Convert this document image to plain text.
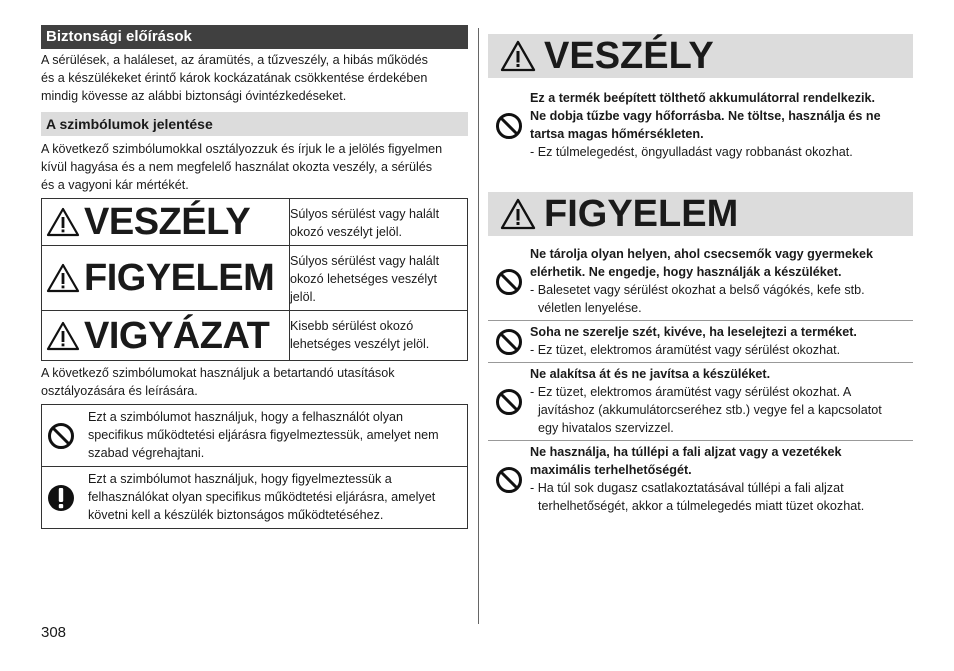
Biztonsági előírások
A sérülések, a haláleset, az áramütés, a tűzveszély, a hibás működés
és a készülékeket érintő károk kockázatának csökkentése érdekében
mindig kövesse az alábbi biztonsági óvintézkedéseket.
A szimbólumok jelentése
A következő szimbólumokkal osztályozzuk és írjuk le a jelölés figyelmen
kívül hagyása és a nem megfelelő használat okozta veszély, a sérülés
és a vagyoni kár mértékét.
VESZÉLY	Súlyos sérülést vagy halált
okozó veszélyt jelöl.
FIGYELEM Súlyos sérülést vagy halált
okozó lehetséges veszélyt
jelöl.
VIGYÁZAT Kisebb sérülést okozó
lehetséges veszélyt jelöl.
A következő szimbólumokat használjuk a betartandó utasítások
osztályozására és leírására.
Ezt a szimbólumot használjuk, hogy a felhasználót olyan
specifikus működtetési eljárásra figyelmeztessük, amelyet nem
szabad végrehajtani.
Ezt a szimbólumot használjuk, hogy figyelmeztessük a
felhasználókat olyan specifikus működtetési eljárásra, amelyet
követni kell a készülék biztonságos működtetéséhez.
VESZÉLY
Ez a termék beépített tölthető akkumulátorral rendelkezik.
Ne dobja tűzbe vagy hőforrásba. Ne töltse, használja és ne
tartsa magas hőmérsékleten.
- Ez túlmelegedést, öngyulladást vagy robbanást okozhat.
FIGYELEM
Ne tárolja olyan helyen, ahol csecsemők vagy gyermekek
elérhetik. Ne engedje, hogy használják a készüléket.
- Balesetet vagy sérülést okozhat a belső vágókés, kefe stb.
véletlen lenyelése.
Soha ne szerelje szét, kivéve, ha leselejtezi a terméket.
- Ez tüzet, elektromos áramütést vagy sérülést okozhat.
Ne alakítsa át és ne javítsa a készüléket.
- Ez tüzet, elektromos áramütést vagy sérülést okozhat. A
javításhoz (akkumulátorcseréhez stb.) vegye fel a kapcsolatot
egy hivatalos szervizzel.
Ne használja, ha túllépi a fali aljzat vagy a vezetékek
maximális terhelhetőségét.
- Ha túl sok dugasz csatlakoztatásával túllépi a fali aljzat
terhelhetőségét, akkor a túlmelegedés miatt tüzet okozhat.
308
